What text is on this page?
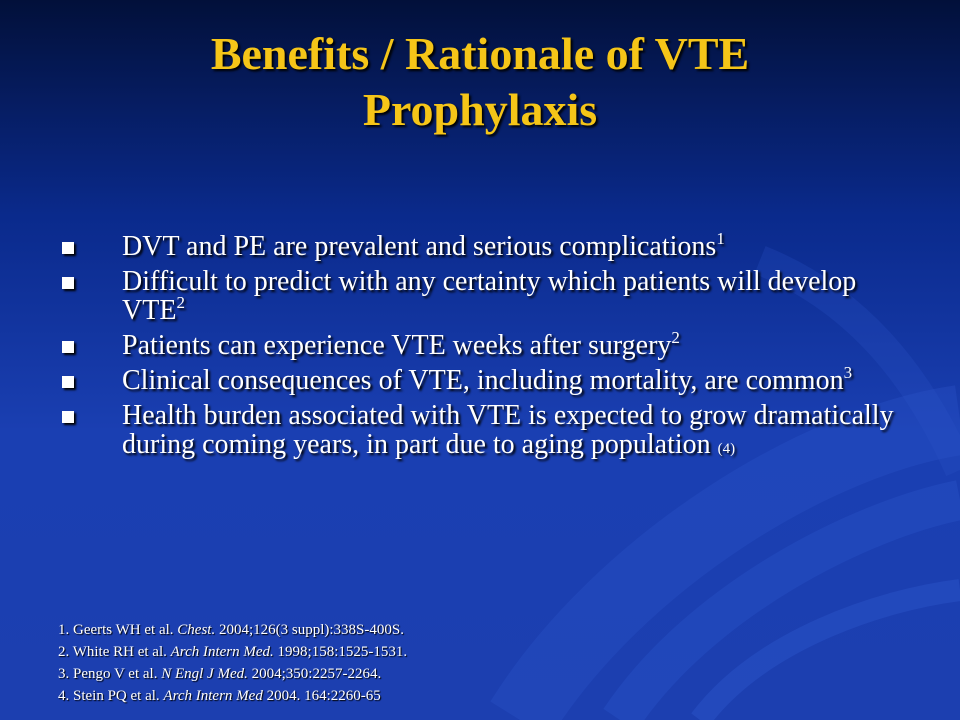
Benefits / Rationale of VTE
Prophylaxis
DVT and PE are prevalent and serious complications$^1$
Difficult to predict with any certainty which patients will develop VTE$^2$
Patients can experience VTE weeks after surgery$^2$
Clinical consequences of VTE, including mortality, are common$^3$
Health burden associated with VTE is expected to grow dramatically during coming years, in part due to aging population (4)
1. Geerts WH et al. Chest. 2004;126(3 suppl):338S-400S.
2. White RH et al. Arch Intern Med. 1998;158:1525-1531.
3. Pengo V et al. N Engl J Med. 2004;350:2257-2264.
4. Stein PQ et al. Arch Intern Med 2004. 164:2260-65
